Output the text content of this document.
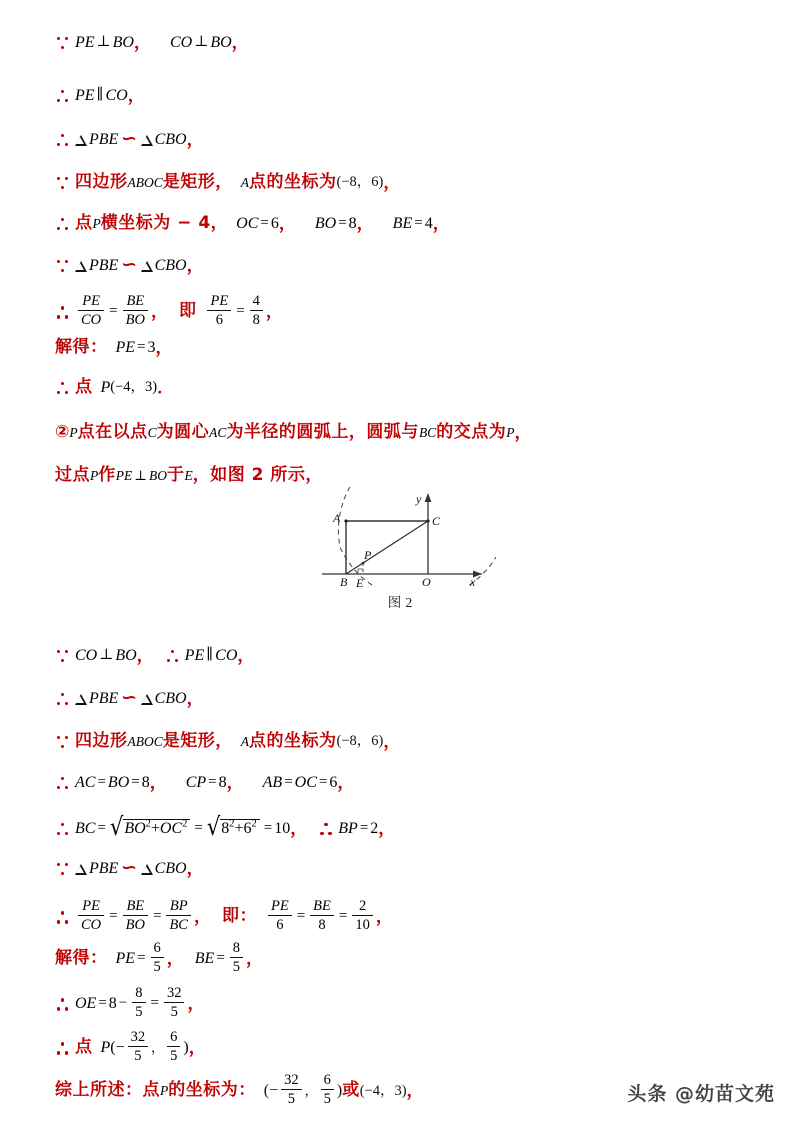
PE ⊥ BO ， CO ⊥ BO ，
PE ∥ CO ，
PBE ∽ CBO ，
四边形 ABOC 是矩形， A 点的坐标为 (−8，6) ，
点 P 横坐标为 − 4， OC = 6 ， BO = 8 ， BE = 4 ，
PBE ∽ CBO ，
$\frac{PE}{CO} = \frac{BE}{BO}$ ， 即 $\frac{PE}{6} = \frac{4}{8}$ ，
解得： PE = 3 ，
点 P (−4，3) ．
② P 点在以点 C 为圆心 AC 为半径的圆弧上，圆弧与 BC 的交点为 P ，
过点 P 作 PE ⊥ BO 于 E ，如图 2 所示，
A	C
B E	O
P
x
y
图 2
CO ⊥ BO ， PE ∥ CO ，
PBE ∽ CBO ，
四边形 ABOC 是矩形， A 点的坐标为 (−8，6) ，
AC = BO = 8 ， CP = 8 ， AB = OC = 6 ，
BC = √ $BO^2+OC^2$ = √ $8^2+6^2 = 10$ ， BP = 2 ，
PBE ∽ CBO ，
$\frac{PE}{CO} = \frac{BE}{BO} = \frac{BP}{BC}$ ， 即： $\frac{PE}{6} = \frac{BE}{8} = \frac{2}{10}$ ，
解得： PE = $\frac{6}{5}$ ， BE = $\frac{8}{5}$ ，
OE = $8 - \frac{8}{5} = \frac{32}{5}$ ，
点 P ( − $\frac{32}{5}$ ， $\frac{6}{5}$ ) ，
综上所述： 点 P 的坐标为： ( − $\frac{32}{5}$ ， $\frac{6}{5}$ ) 或 (−4，3) ，	头条 @幼苗文苑
